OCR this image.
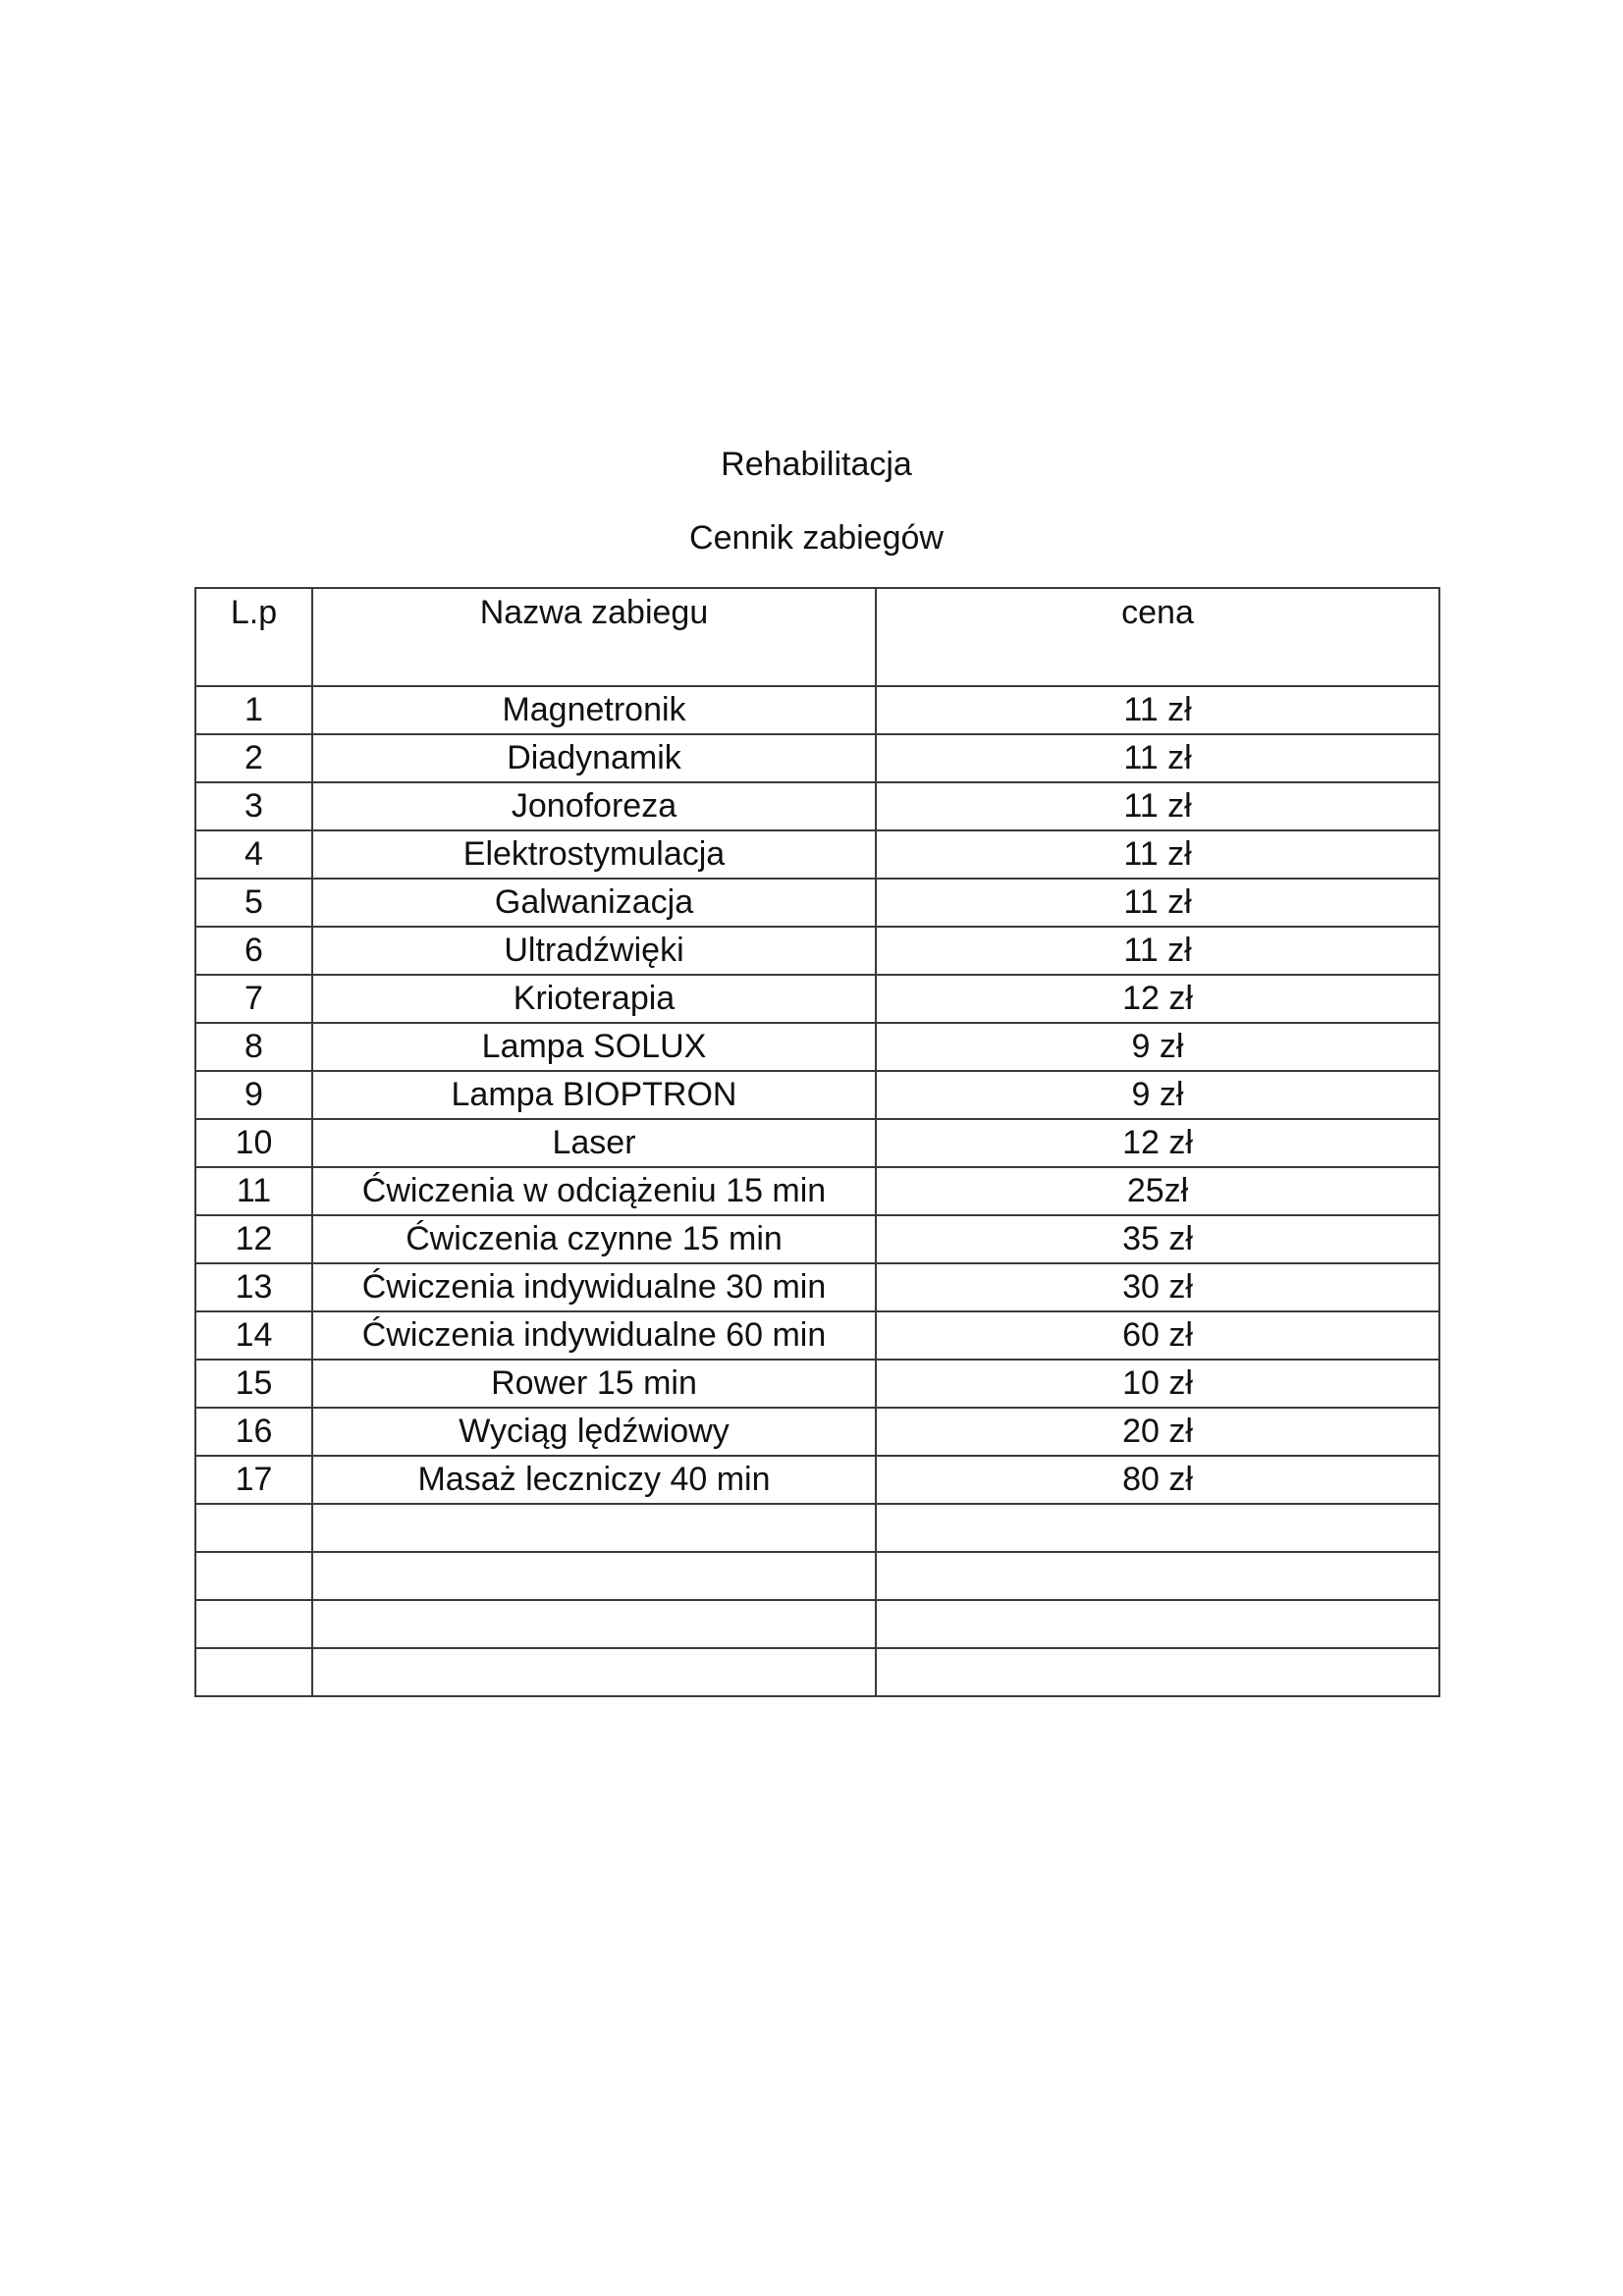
Rehabilitacja
Cennik zabiegów
L.p	Nazwa zabiegu	cena
1	Magnetronik	11 zł
2	Diadynamik	11 zł
3	Jonoforeza	11 zł
4	Elektrostymulacja	11 zł
5	Galwanizacja	11 zł
6	Ultradźwięki	11 zł
7	Krioterapia	12 zł
8	Lampa SOLUX	9 zł
9	Lampa BIOPTRON	9 zł
10	Laser	12 zł
11	Ćwiczenia w odciążeniu 15 min	25zł
12	Ćwiczenia czynne 15 min	35 zł
13	Ćwiczenia indywidualne 30 min	30 zł
14	Ćwiczenia indywidualne 60 min	60 zł
15	Rower 15 min	10 zł
16	Wyciąg lędźwiowy	20 zł
17	Masaż leczniczy 40 min	80 zł
